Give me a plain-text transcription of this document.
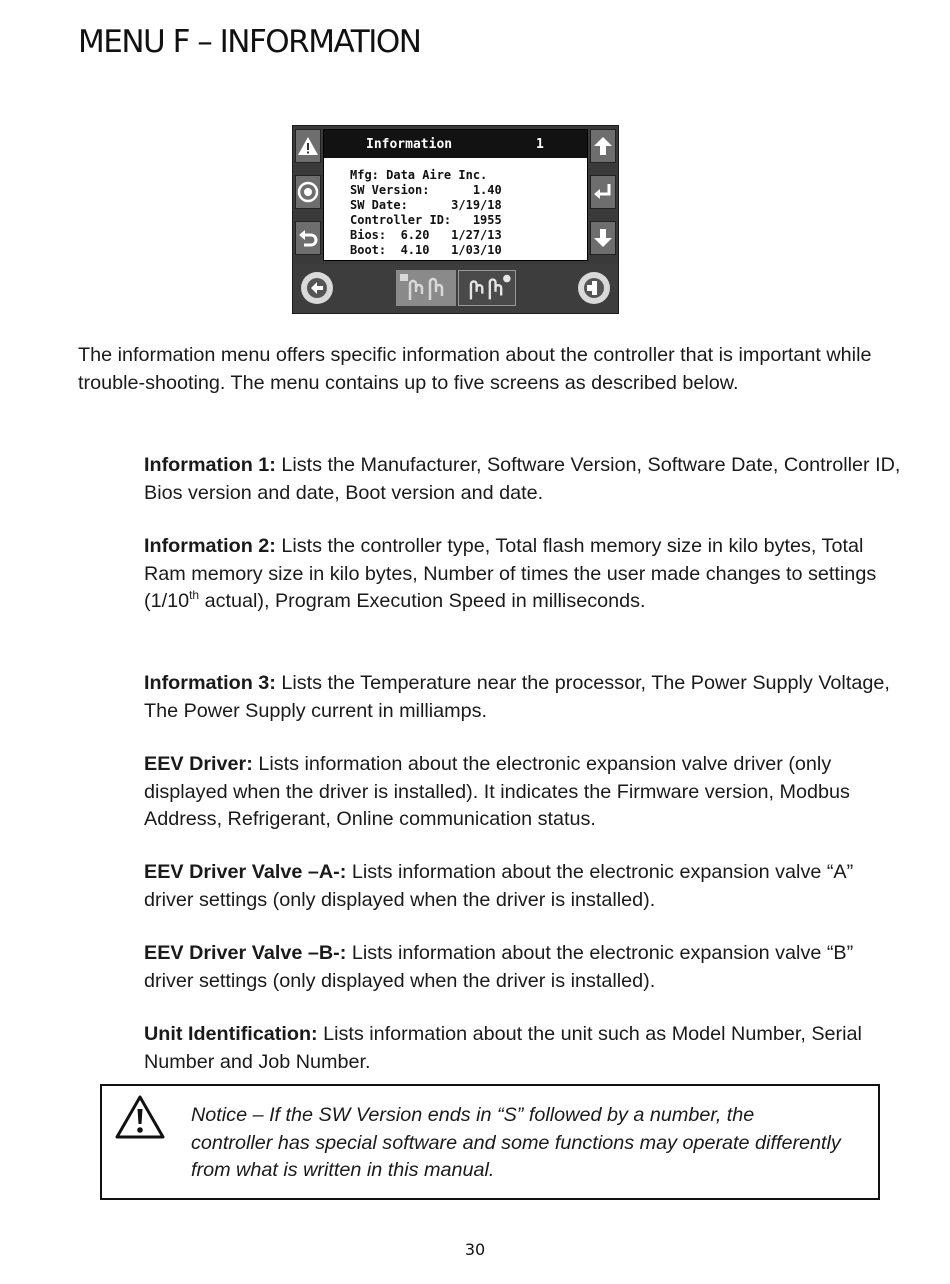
MENU F – INFORMATION
Information	1
Mfg: Data Aire Inc.
SW Version:      1.40
SW Date:      3/19/18
Controller ID:   1955
Bios:  6.20   1/27/13
Boot:  4.10   1/03/10

The information menu offers specific information about the controller that is important while trouble-shooting. The menu contains up to five screens as described below.

Information 1: Lists the Manufacturer, Software Version, Software Date, Controller ID, Bios version and date, Boot version and date.

Information 2: Lists the controller type, Total flash memory size in kilo bytes, Total Ram memory size in kilo bytes, Number of times the user made changes to settings (1/10th actual), Program Execution Speed in milliseconds.

Information 3: Lists the Temperature near the processor, The Power Supply Voltage, The Power Supply current in milliamps.

EEV Driver: Lists information about the electronic expansion valve driver (only displayed when the driver is installed). It indicates the Firmware version, Modbus Address, Refrigerant, Online communication status.

EEV Driver Valve –A-: Lists information about the electronic expansion valve “A” driver settings (only displayed when the driver is installed).

EEV Driver Valve –B-: Lists information about the electronic expansion valve “B” driver settings (only displayed when the driver is installed).

Unit Identification: Lists information about the unit such as Model Number, Serial Number and Job Number.

Notice – If the SW Version ends in “S” followed by a number, the controller has special software and some functions may operate differently from what is written in this manual.

30
